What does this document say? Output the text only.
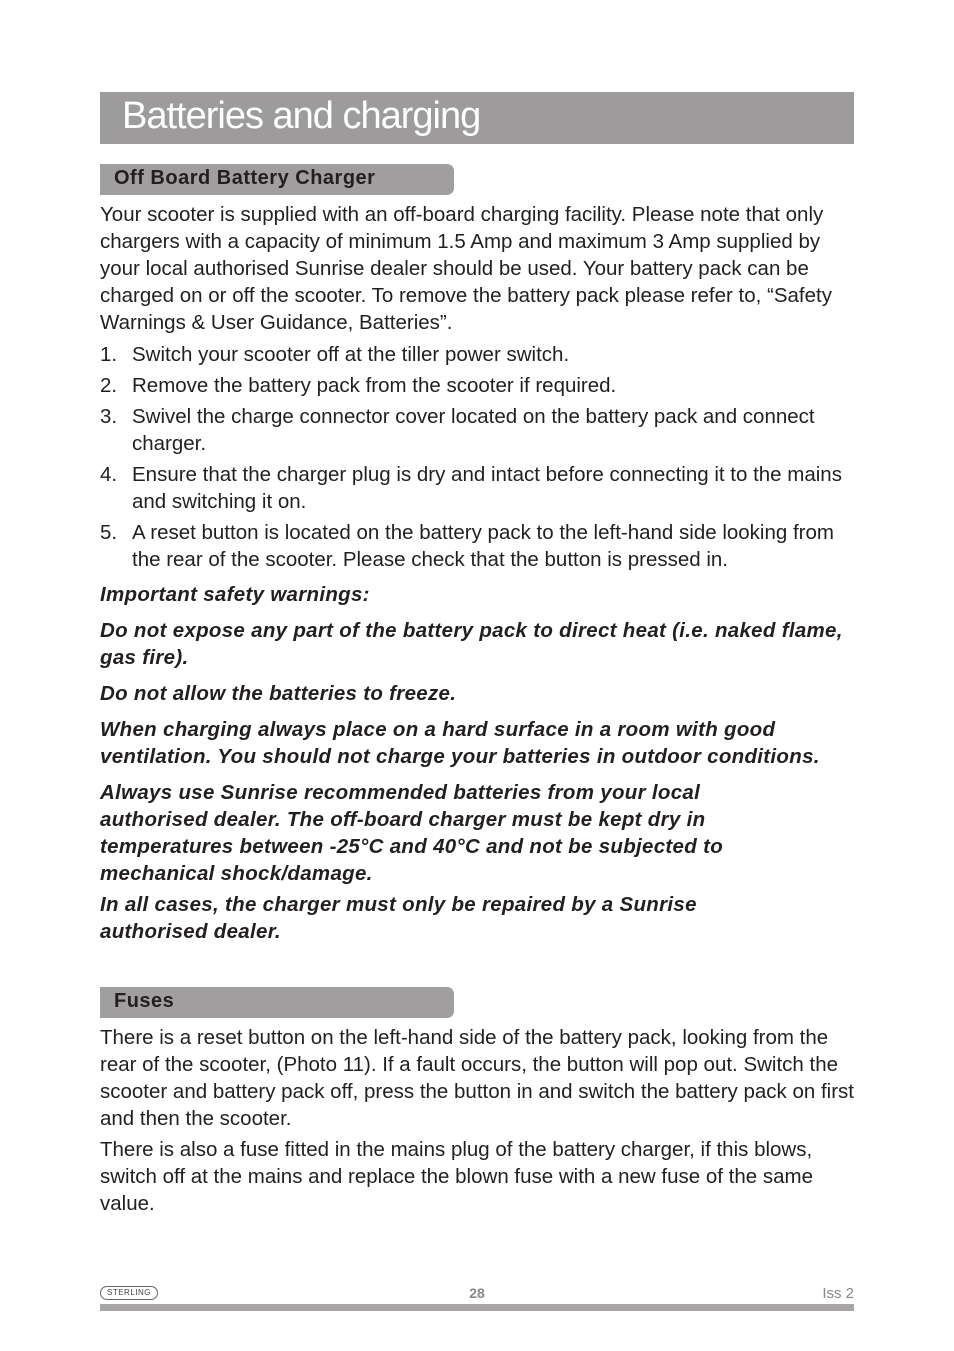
Batteries and charging
Off Board Battery Charger

Your scooter is supplied with an off-board charging facility. Please note that only chargers with a capacity of minimum 1.5 Amp and maximum 3 Amp supplied by your local authorised Sunrise dealer should be used. Your battery pack can be charged on or off the scooter. To remove the battery pack please refer to, “Safety Warnings & User Guidance, Batteries”.

1. Switch your scooter off at the tiller power switch.
2. Remove the battery pack from the scooter if required.
3. Swivel the charge connector cover located on the battery pack and connect charger.
4. Ensure that the charger plug is dry and intact before connecting it to the mains and switching it on.
5. A reset button is located on the battery pack to the left-hand side looking from the rear of the scooter. Please check that the button is pressed in.

Important safety warnings:

Do not expose any part of the battery pack to direct heat (i.e. naked flame, gas fire).

Do not allow the batteries to freeze.

When charging always place on a hard surface in a room with good ventilation. You should not charge your batteries in outdoor conditions.

Always use Sunrise recommended batteries from your local authorised dealer. The off-board charger must be kept dry in temperatures between -25°C and 40°C and not be subjected to mechanical shock/damage.

In all cases, the charger must only be repaired by a Sunrise authorised dealer.

Fuses

There is a reset button on the left-hand side of the battery pack, looking from the rear of the scooter, (Photo 11). If a fault occurs, the button will pop out. Switch the scooter and battery pack off, press the button in and switch the battery pack on first and then the scooter.

There is also a fuse fitted in the mains plug of the battery charger, if this blows, switch off at the mains and replace the blown fuse with a new fuse of the same value.

STERLING	28	Iss 2
